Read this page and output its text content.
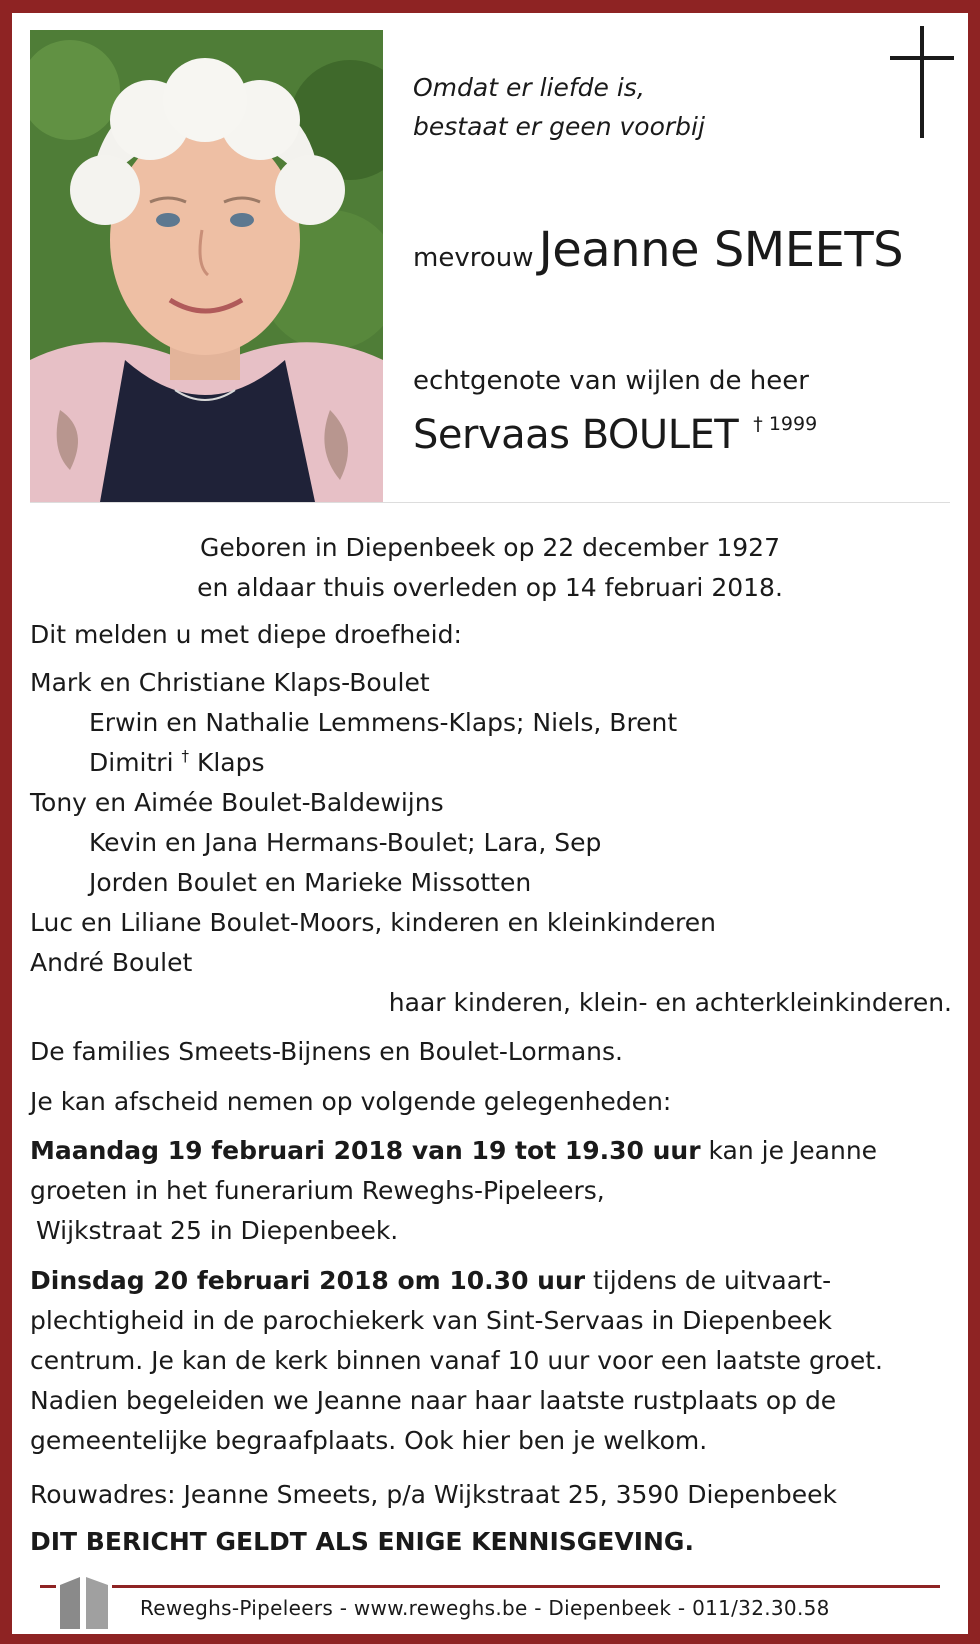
Omdat er liefde is,
bestaat er geen voorbij
mevrouw Jeanne SMEETS
echtgenote van wijlen de heer
Servaas BOULET † 1999
Geboren in Diepenbeek op 22 december 1927
en aldaar thuis overleden op 14 februari 2018.
Dit melden u met diepe droefheid:
Mark en Christiane Klaps-Boulet
Erwin en Nathalie Lemmens-Klaps; Niels, Brent
Dimitri † Klaps
Tony en Aimée Boulet-Baldewijns
Kevin en Jana Hermans-Boulet; Lara, Sep
Jorden Boulet en Marieke Missotten
Luc en Liliane Boulet-Moors, kinderen en kleinkinderen
André Boulet
haar kinderen, klein- en achterkleinkinderen.
De families Smeets-Bijnens en Boulet-Lormans.
Je kan afscheid nemen op volgende gelegenheden:
Maandag 19 februari 2018 van 19 tot 19.30 uur kan je Jeanne groeten in het funerarium Reweghs-Pipeleers,
Wijkstraat 25 in Diepenbeek.
Dinsdag 20 februari 2018 om 10.30 uur tijdens de uitvaart-plechtigheid in de parochiekerk van Sint-Servaas in Diepenbeek centrum. Je kan de kerk binnen vanaf 10 uur voor een laatste groet. Nadien begeleiden we Jeanne naar haar laatste rustplaats op de gemeentelijke begraafplaats. Ook hier ben je welkom.
Rouwadres: Jeanne Smeets, p/a Wijkstraat 25, 3590 Diepenbeek
DIT BERICHT GELDT ALS ENIGE KENNISGEVING.
Reweghs-Pipeleers - www.reweghs.be - Diepenbeek - 011/32.30.58
